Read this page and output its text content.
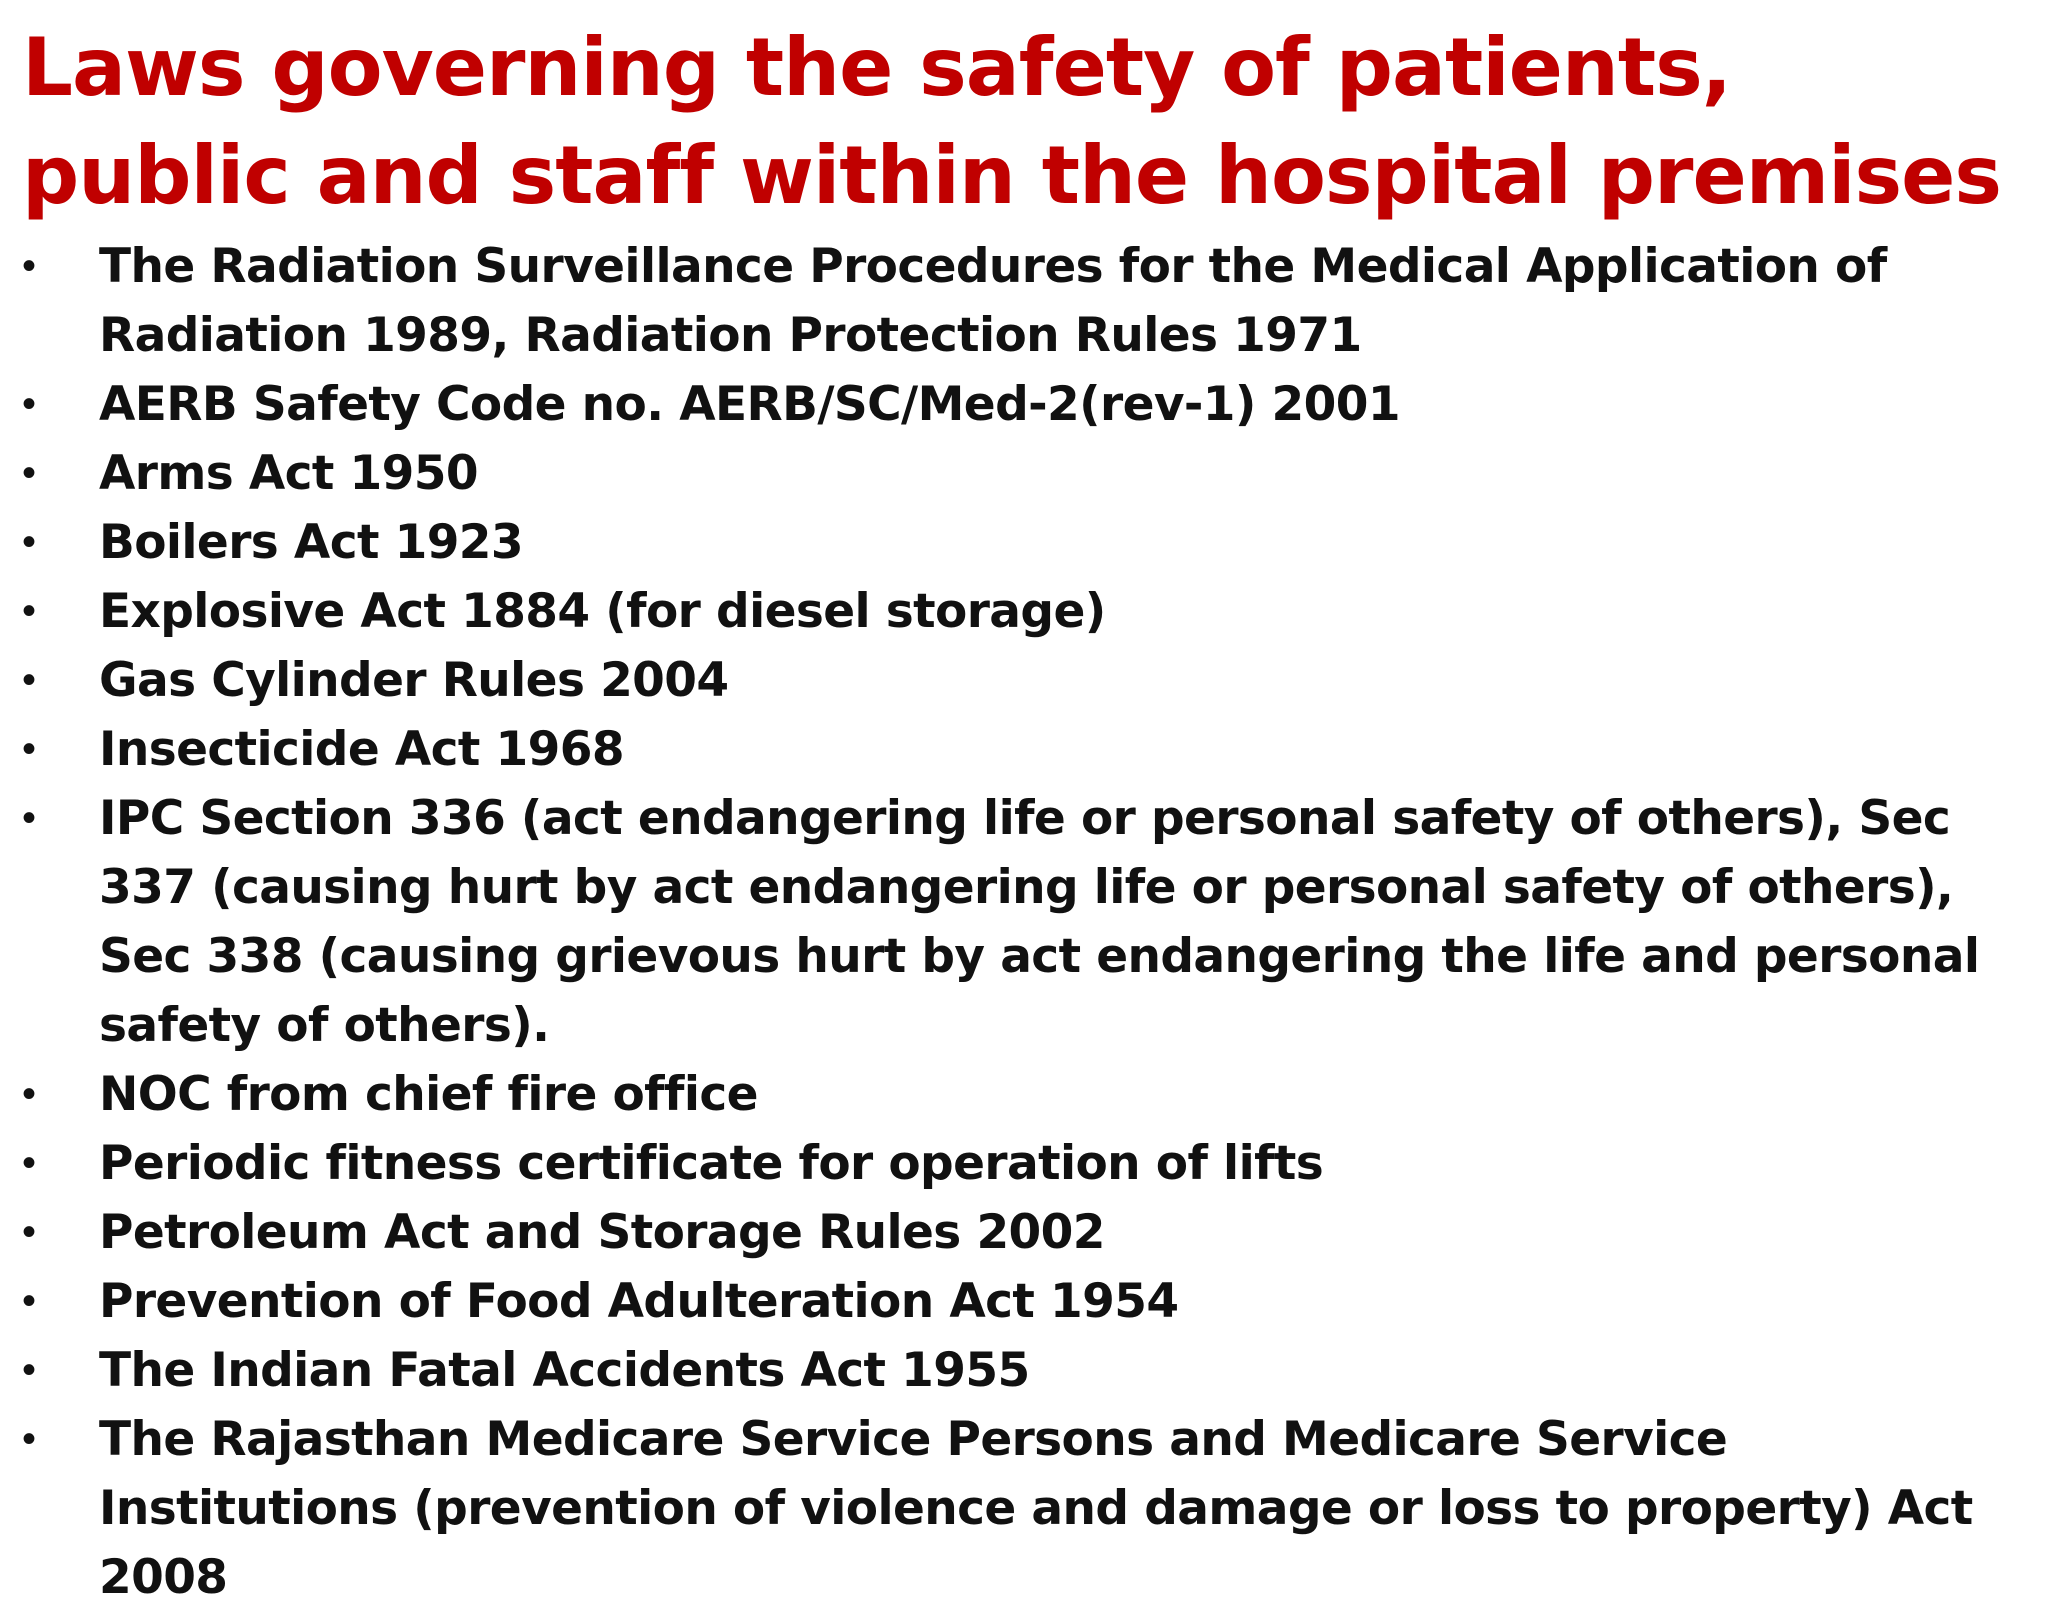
Laws governing the safety of patients, public and staff within the hospital premises
•	The Radiation Surveillance Procedures for the Medical Application of Radiation 1989, Radiation Protection Rules 1971
•	AERB Safety Code no. AERB/SC/Med-2(rev-1) 2001
•	Arms Act 1950
•	Boilers Act 1923
•	Explosive Act 1884 (for diesel storage)
•	Gas Cylinder Rules 2004
•	Insecticide Act 1968
•	IPC Section 336 (act endangering life or personal safety of others), Sec 337 (causing hurt by act endangering life or personal safety of others), Sec 338 (causing grievous hurt by act endangering the life and personal safety of others).
•	NOC from chief fire office
•	Periodic fitness certificate for operation of lifts
•	Petroleum Act and Storage Rules 2002
•	Prevention of Food Adulteration Act 1954
•	The Indian Fatal Accidents Act 1955
•	The Rajasthan Medicare Service Persons and Medicare Service Institutions (prevention of violence and damage or loss to property) Act 2008
